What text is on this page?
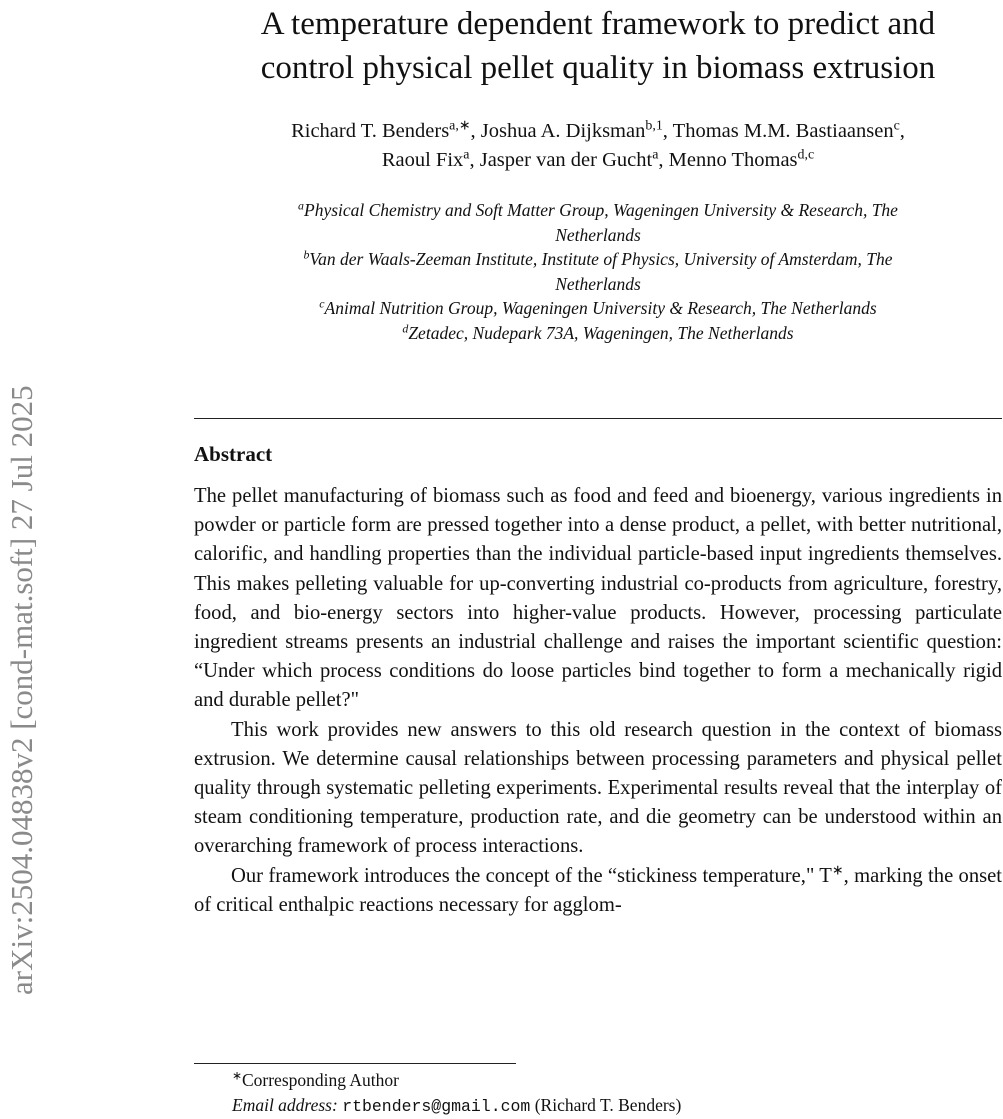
arXiv:2504.04838v2 [cond-mat.soft] 27 Jul 2025
A temperature dependent framework to predict and
control physical pellet quality in biomass extrusion
Richard T. Benders$^{a,∗}$, Joshua A. Dijksman$^{b,1}$, Thomas M.M. Bastiaansen$^c$,
Raoul Fix$^a$, Jasper van der Gucht$^a$, Menno Thomas$^{d,c}$
$^a$Physical Chemistry and Soft Matter Group, Wageningen University & Research, The
Netherlands
$^b$Van der Waals-Zeeman Institute, Institute of Physics, University of Amsterdam, The
Netherlands
$^c$Animal Nutrition Group, Wageningen University & Research, The Netherlands
$^d$Zetadec, Nudepark 73A, Wageningen, The Netherlands
Abstract

The pellet manufacturing of biomass such as food and feed and bioenergy, various ingredients in powder or particle form are pressed together into a dense product, a pellet, with better nutritional, calorific, and handling properties than the individual particle-based input ingredients themselves. This makes pelleting valuable for up-converting industrial co-products from agriculture, forestry, food, and bio-energy sectors into higher-value products. However, processing particulate ingredient streams presents an industrial challenge and raises the important scientific question: “Under which process conditions do loose particles bind together to form a mechanically rigid and durable pellet?"

This work provides new answers to this old research question in the context of biomass extrusion. We determine causal relationships between processing parameters and physical pellet quality through systematic pelleting experiments. Experimental results reveal that the interplay of steam conditioning temperature, production rate, and die geometry can be understood within an overarching framework of process interactions.

Our framework introduces the concept of the “stickiness temperature," T∗, marking the onset of critical enthalpic reactions necessary for agglom-

∗Corresponding Author
Email address: rtbenders@gmail.com (Richard T. Benders)
